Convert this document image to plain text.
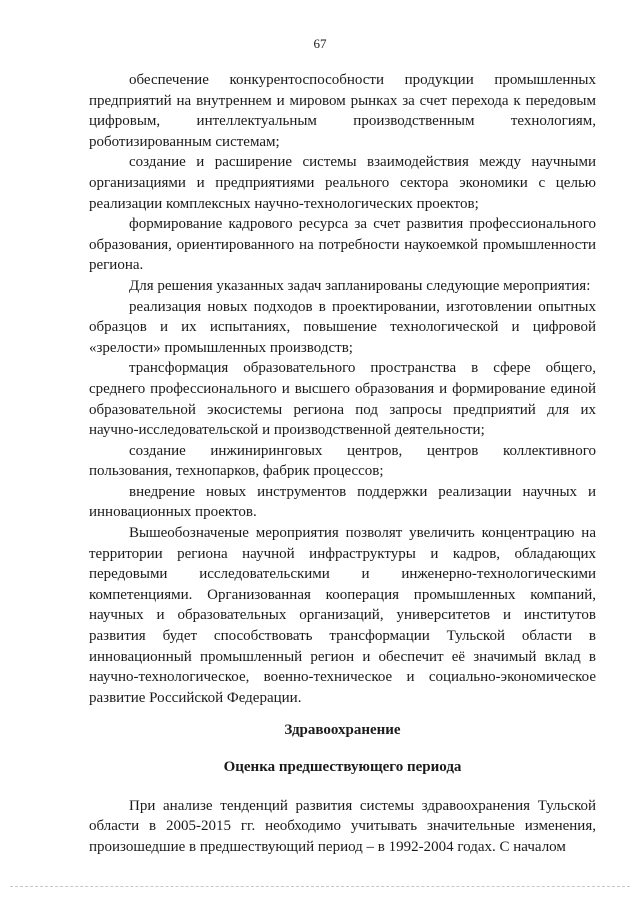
67

обеспечение конкурентоспособности продукции промышленных предприятий на внутреннем и мировом рынках за счет перехода к передовым цифровым, интеллектуальным производственным технологиям, роботизированным системам;

создание и расширение системы взаимодействия между научными организациями и предприятиями реального сектора экономики с целью реализации комплексных научно-технологических проектов;

формирование кадрового ресурса за счет развития профессионального образования, ориентированного на потребности наукоемкой промышленности региона.

Для решения указанных задач запланированы следующие мероприятия:

реализация новых подходов в проектировании, изготовлении опытных образцов и их испытаниях, повышение технологической и цифровой «зрелости» промышленных производств;

трансформация образовательного пространства в сфере общего, среднего профессионального и высшего образования и формирование единой образовательной экосистемы региона под запросы предприятий для их научно-исследовательской и производственной деятельности;

создание инжиниринговых центров, центров коллективного пользования, технопарков, фабрик процессов;

внедрение новых инструментов поддержки реализации научных и инновационных проектов.

Вышеобозначеные мероприятия позволят увеличить концентрацию на территории региона научной инфраструктуры и кадров, обладающих передовыми исследовательскими и инженерно-технологическими компетенциями. Организованная кооперация промышленных компаний, научных и образовательных организаций, университетов и институтов развития будет способствовать трансформации Тульской области в инновационный промышленный регион и обеспечит её значимый вклад в научно-технологическое, военно-техническое и социально-экономическое развитие Российской Федерации.

Здравоохранение
Оценка предшествующего периода

При анализе тенденций развития системы здравоохранения Тульской области в 2005-2015 гг. необходимо учитывать значительные изменения, произошедшие в предшествующий период – в 1992-2004 годах. С началом
